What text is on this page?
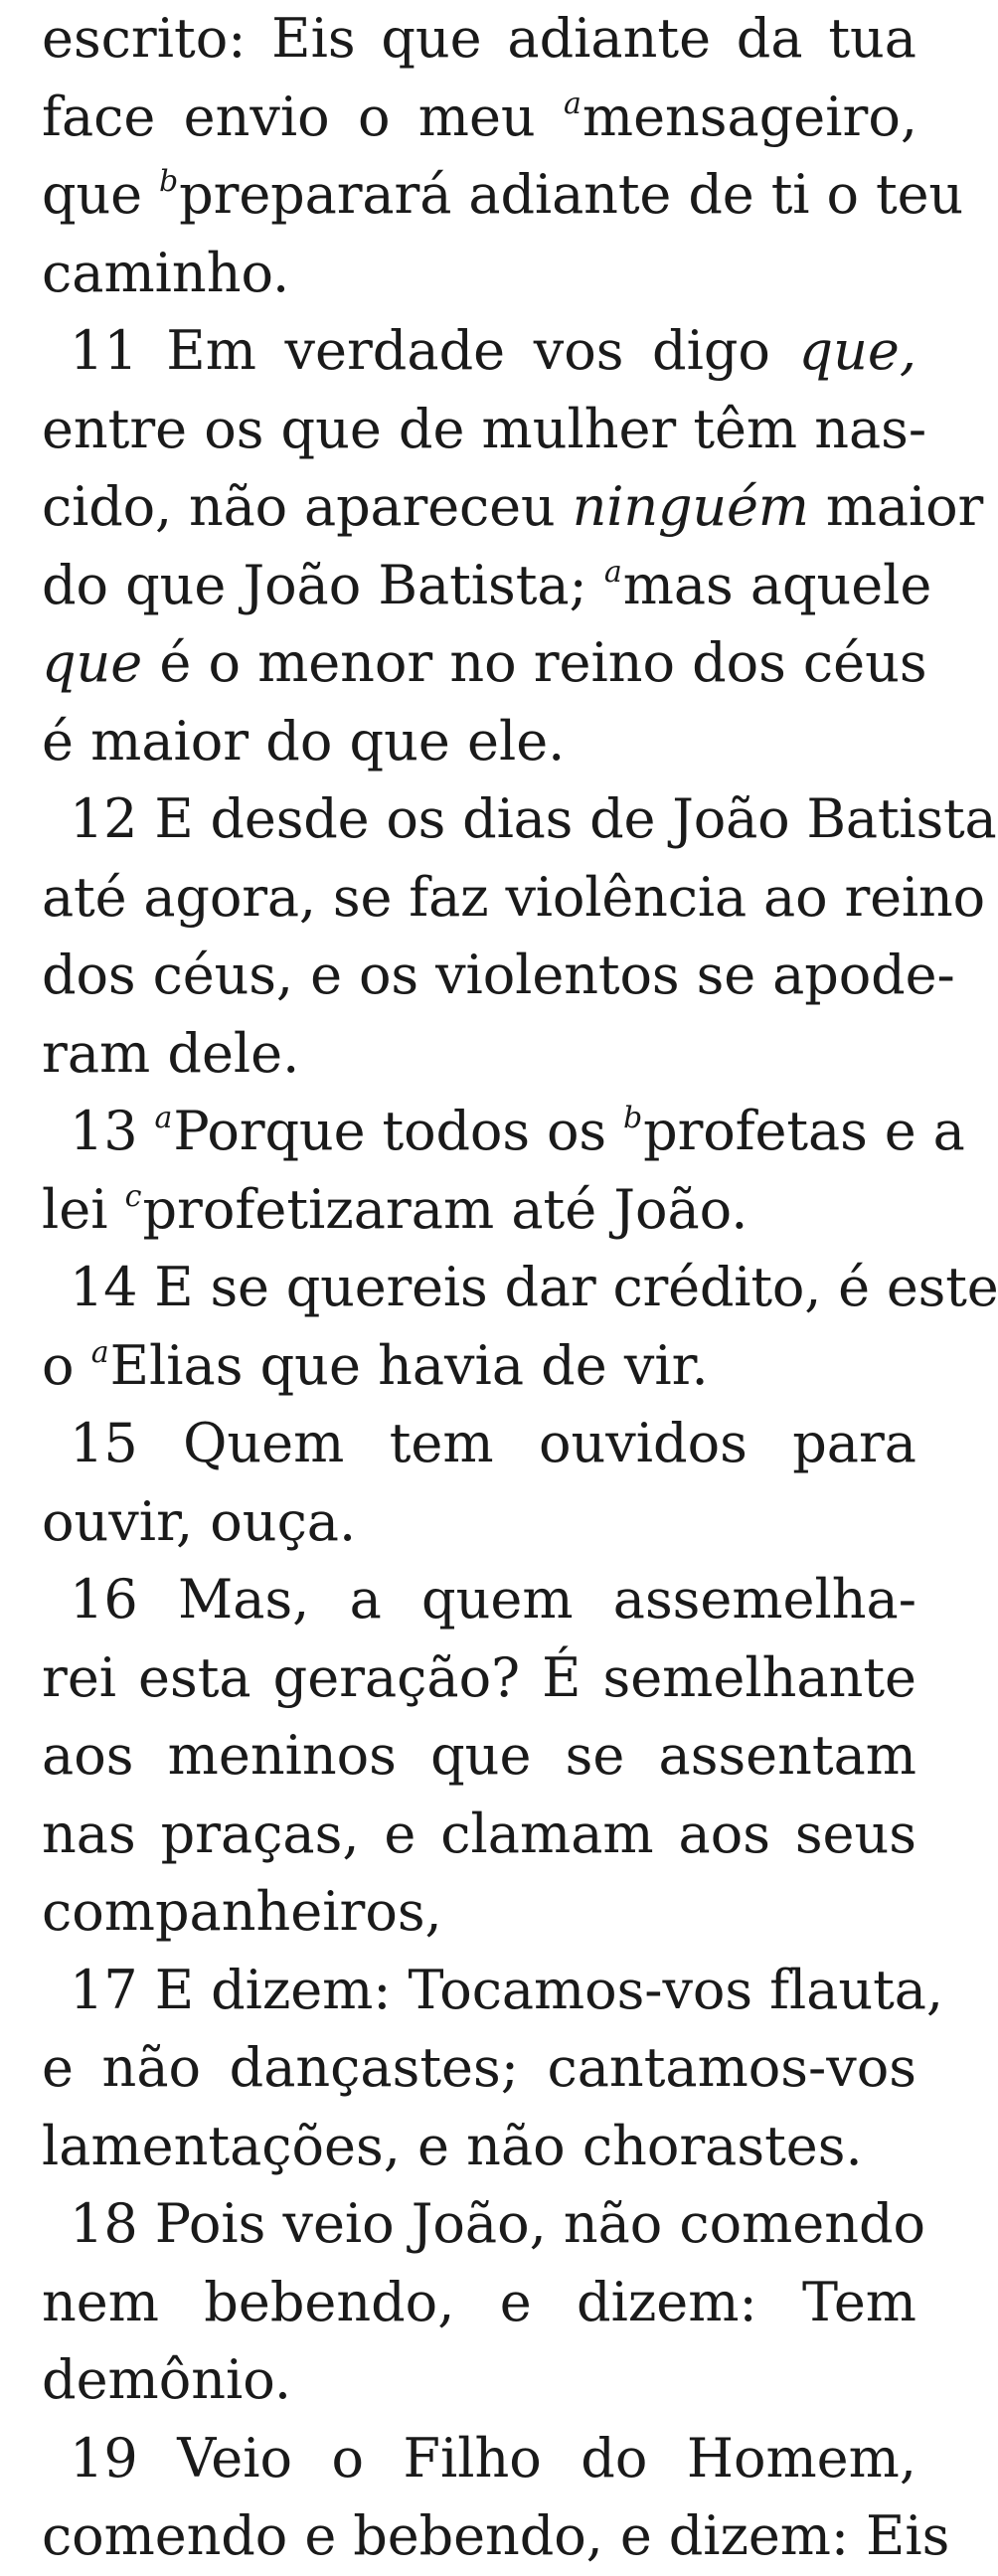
escrito: Eis que adiante da tua
face envio o meu $^a$mensageiro,
que $^b$preparará adiante de ti o teu
caminho.
11 Em verdade vos digo que,
entre os que de mulher têm nas-
cido, não apareceu ninguém maior
do que João Batista; $^a$mas aquele
que é o menor no reino dos céus
é maior do que ele.
12 E desde os dias de João Batista
até agora, se faz violência ao reino
dos céus, e os violentos se apode-
ram dele.
13 $^a$Porque todos os $^b$profetas e a
lei $^c$profetizaram até João.
14 E se quereis dar crédito, é este
o $^a$Elias que havia de vir.
15 Quem tem ouvidos para
ouvir, ouça.
16 Mas, a quem assemelha-
rei esta geração? É semelhante
aos meninos que se assentam
nas praças, e clamam aos seus
companheiros,
17 E dizem: Tocamos-vos flauta,
e não dançastes; cantamos-vos
lamentações, e não chorastes.
18 Pois veio João, não comendo
nem bebendo, e dizem: Tem
demônio.
19 Veio o Filho do Homem,
comendo e bebendo, e dizem: Eis
